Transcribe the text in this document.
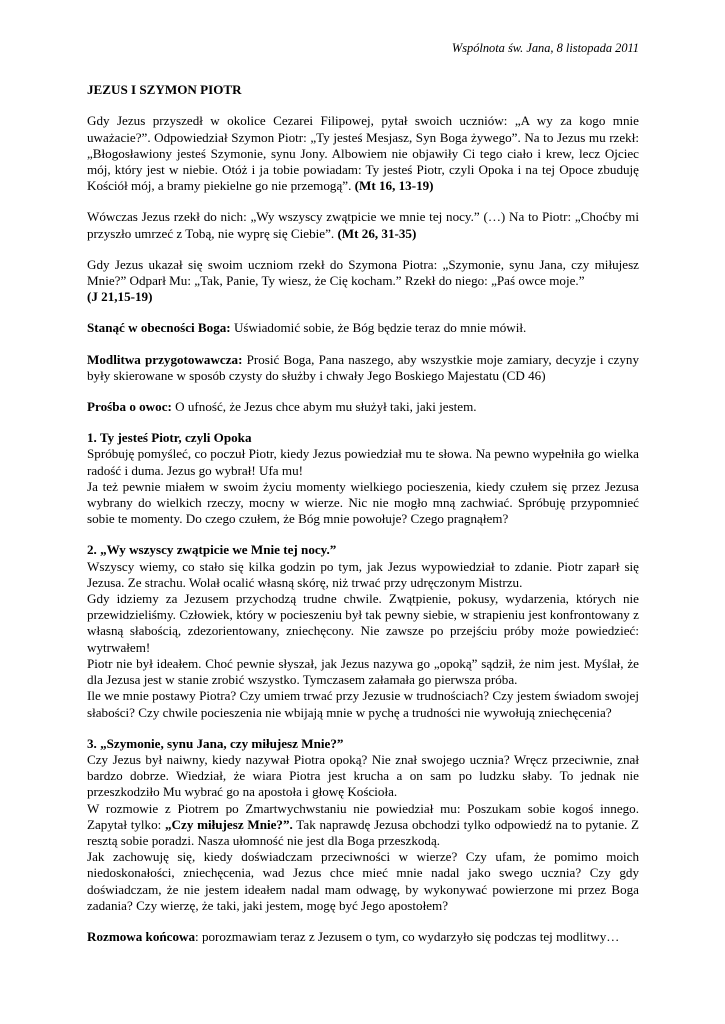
Wspólnota św. Jana, 8 listopada 2011
JEZUS I SZYMON PIOTR

Gdy Jezus przyszedł w okolice Cezarei Filipowej, pytał swoich uczniów: „A wy za kogo mnie uważacie?”. Odpowiedział Szymon Piotr: „Ty jesteś Mesjasz, Syn Boga żywego”. Na to Jezus mu rzekł: „Błogosławiony jesteś Szymonie, synu Jony. Albowiem nie objawiły Ci tego ciało i krew, lecz Ojciec mój, który jest w niebie. Otóż i ja tobie powiadam: Ty jesteś Piotr, czyli Opoka i na tej Opoce zbuduję Kościół mój, a bramy piekielne go nie przemogą”. (Mt 16, 13-19)

Wówczas Jezus rzekł do nich: „Wy wszyscy zwątpicie we mnie tej nocy.” (…) Na to Piotr: „Choćby mi przyszło umrzeć z Tobą, nie wyprę się Ciebie”. (Mt 26, 31-35)

Gdy Jezus ukazał się swoim uczniom rzekł do Szymona Piotra: „Szymonie, synu Jana, czy miłujesz Mnie?” Odparł Mu: „Tak, Panie, Ty wiesz, że Cię kocham.” Rzekł do niego: „Paś owce moje.”
(J 21,15-19)

Stanąć w obecności Boga: Uświadomić sobie, że Bóg będzie teraz do mnie mówił.

Modlitwa przygotowawcza: Prosić Boga, Pana naszego, aby wszystkie moje zamiary, decyzje i czyny były skierowane w sposób czysty do służby i chwały Jego Boskiego Majestatu (CD 46)

Prośba o owoc: O ufność, że Jezus chce abym mu służył taki, jaki jestem.

1. Ty jesteś Piotr, czyli Opoka

Spróbuję pomyśleć, co poczuł Piotr, kiedy Jezus powiedział mu te słowa. Na pewno wypełniła go wielka radość i duma. Jezus go wybrał! Ufa mu!

Ja też pewnie miałem w swoim życiu momenty wielkiego pocieszenia, kiedy czułem się przez Jezusa wybrany do wielkich rzeczy, mocny w wierze. Nic nie mogło mną zachwiać. Spróbuję przypomnieć sobie te momenty. Do czego czułem, że Bóg mnie powołuje? Czego pragnąłem?

2. „Wy wszyscy zwątpicie we Mnie tej nocy.”

Wszyscy wiemy, co stało się kilka godzin po tym, jak Jezus wypowiedział to zdanie. Piotr zaparł się Jezusa. Ze strachu. Wolał ocalić własną skórę, niż trwać przy udręczonym Mistrzu.

Gdy idziemy za Jezusem przychodzą trudne chwile. Zwątpienie, pokusy, wydarzenia, których nie przewidzieliśmy. Człowiek, który w pocieszeniu był tak pewny siebie, w strapieniu jest konfrontowany z własną słabością, zdezorientowany, zniechęcony. Nie zawsze po przejściu próby może powiedzieć: wytrwałem!

Piotr nie był ideałem. Choć pewnie słyszał, jak Jezus nazywa go „opoką” sądził, że nim jest. Myślał, że dla Jezusa jest w stanie zrobić wszystko. Tymczasem załamała go pierwsza próba.

Ile we mnie postawy Piotra? Czy umiem trwać przy Jezusie w trudnościach? Czy jestem świadom swojej słabości? Czy chwile pocieszenia nie wbijają mnie w pychę a trudności nie wywołują zniechęcenia?

3. „Szymonie, synu Jana, czy miłujesz Mnie?”

Czy Jezus był naiwny, kiedy nazywał Piotra opoką? Nie znał swojego ucznia? Wręcz przeciwnie, znał bardzo dobrze. Wiedział, że wiara Piotra jest krucha a on sam po ludzku słaby. To jednak nie przeszkodziło Mu wybrać go na apostoła i głowę Kościoła.

W rozmowie z Piotrem po Zmartwychwstaniu nie powiedział mu: Poszukam sobie kogoś innego. Zapytał tylko: „Czy miłujesz Mnie?”. Tak naprawdę Jezusa obchodzi tylko odpowiedź na to pytanie. Z resztą sobie poradzi. Nasza ułomność nie jest dla Boga przeszkodą.

Jak zachowuję się, kiedy doświadczam przeciwności w wierze? Czy ufam, że pomimo moich niedoskonałości, zniechęcenia, wad Jezus chce mieć mnie nadal jako swego ucznia? Czy gdy doświadczam, że nie jestem ideałem nadal mam odwagę, by wykonywać powierzone mi przez Boga zadania? Czy wierzę, że taki, jaki jestem, mogę być Jego apostołem?

Rozmowa końcowa: porozmawiam teraz z Jezusem o tym, co wydarzyło się podczas tej modlitwy…
